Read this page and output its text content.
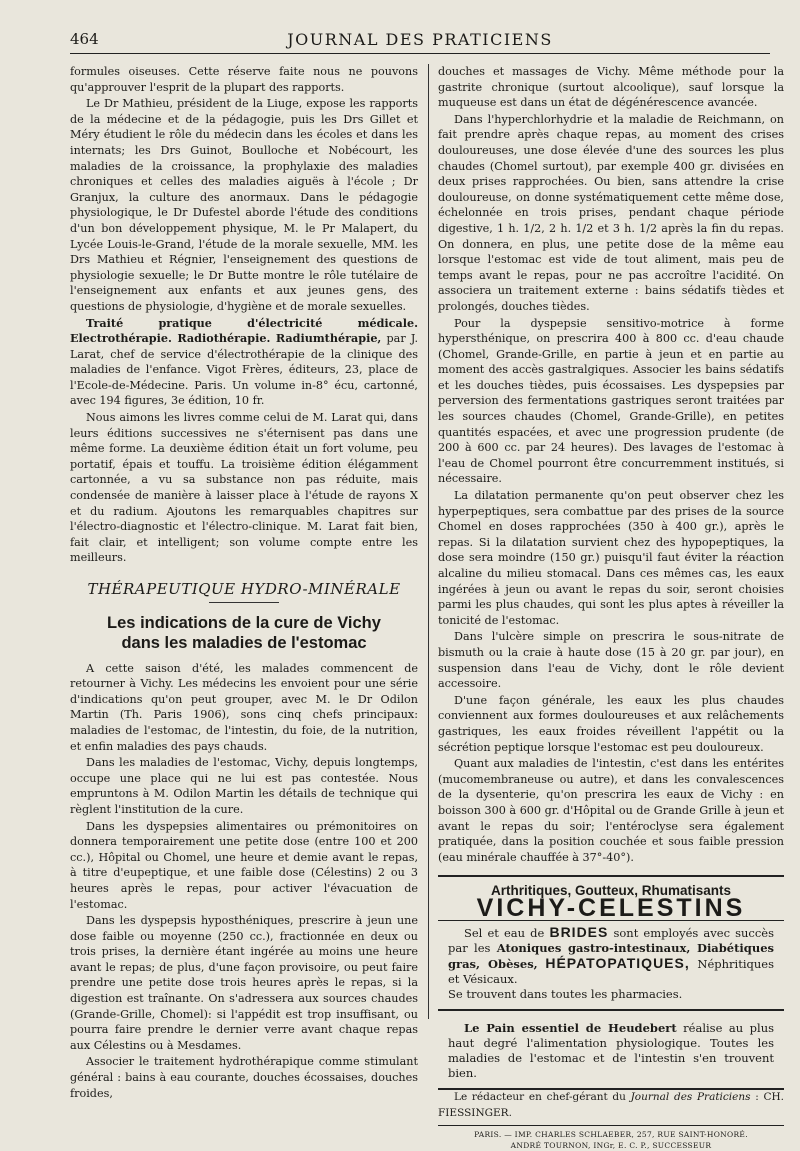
464	JOURNAL DES PRATICIENS

formules oiseuses. Cette réserve faite nous ne pouvons qu'approuver l'esprit de la plupart des rapports.

Le Dr Mathieu, président de la Liuge, expose les rapports de la médecine et de la pédagogie, puis les Drs Gillet et Méry étudient le rôle du médecin dans les écoles et dans les internats; les Drs Guinot, Boulloche et Nobécourt, les maladies de la croissance, la prophylaxie des maladies chroniques et celles des maladies aiguës à l'école ; Dr Granjux, la culture des anormaux. Dans le pédagogie physiologique, le Dr Dufestel aborde l'étude des conditions d'un bon développement physique, M. le Pr Malapert, du Lycée Louis-le-Grand, l'étude de la morale sexuelle, MM. les Drs Mathieu et Régnier, l'enseignement des questions de physiologie sexuelle; le Dr Butte montre le rôle tutélaire de l'enseignement aux enfants et aux jeunes gens, des questions de physiologie, d'hygiène et de morale sexuelles.

Traité pratique d'électricité médicale. Electrothérapie. Radiothérapie. Radiumthérapie, par J. Larat, chef de service d'électrothérapie de la clinique des maladies de l'enfance. Vigot Frères, éditeurs, 23, place de l'Ecole-de-Médecine. Paris. Un volume in-8° écu, cartonné, avec 194 figures, 3e édition, 10 fr.

Nous aimons les livres comme celui de M. Larat qui, dans leurs éditions successives ne s'éternisent pas dans une même forme. La deuxième édition était un fort volume, peu portatif, épais et touffu. La troisième édition élégamment cartonnée, a vu sa substance non pas réduite, mais condensée de manière à laisser place à l'étude de rayons X et du radium. Ajoutons les remarquables chapitres sur l'électro-diagnostic et l'électro-clinique. M. Larat fait bien, fait clair, et intelligent; son volume compte entre les meilleurs.

THÉRAPEUTIQUE HYDRO-MINÉRALE
Les indications de la cure de Vichy
dans les maladies de l'estomac

A cette saison d'été, les malades commencent de retourner à Vichy. Les médecins les envoient pour une série d'indications qu'on peut grouper, avec M. le Dr Odilon Martin (Th. Paris 1906), sons cinq chefs principaux: maladies de l'estomac, de l'intestin, du foie, de la nutrition, et enfin maladies des pays chauds.

Dans les maladies de l'estomac, Vichy, depuis longtemps, occupe une place qui ne lui est pas contestée. Nous empruntons à M. Odilon Martin les détails de technique qui règlent l'institution de la cure.

Dans les dyspepsies alimentaires ou prémonitoires on donnera temporairement une petite dose (entre 100 et 200 cc.), Hôpital ou Chomel, une heure et demie avant le repas, à titre d'eupeptique, et une faible dose (Célestins) 2 ou 3 heures après le repas, pour activer l'évacuation de l'estomac.

Dans les dyspepsis hyposthéniques, prescrire à jeun une dose faible ou moyenne (250 cc.), fractionnée en deux ou trois prises, la dernière étant ingérée au moins une heure avant le repas; de plus, d'une façon provisoire, ou peut faire prendre une petite dose trois heures après le repas, si la digestion est traînante. On s'adressera aux sources chaudes (Grande-Grille, Chomel): si l'appédit est trop insuffisant, ou pourra faire prendre le dernier verre avant chaque repas aux Célestins ou à Mesdames.

Associer le traitement hydrothérapique comme stimulant général : bains à eau courante, douches écossaises, douches froides,

douches et massages de Vichy. Même méthode pour la gastrite chronique (surtout alcoolique), sauf lorsque la muqueuse est dans un état de dégénérescence avancée.

Dans l'hyperchlorhydrie et la maladie de Reichmann, on fait prendre après chaque repas, au moment des crises douloureuses, une dose élevée d'une des sources les plus chaudes (Chomel surtout), par exemple 400 gr. divisées en deux prises rapprochées. Ou bien, sans attendre la crise douloureuse, on donne systématiquement cette même dose, échelonnée en trois prises, pendant chaque période digestive, 1 h. 1/2, 2 h. 1/2 et 3 h. 1/2 après la fin du repas. On donnera, en plus, une petite dose de la même eau lorsque l'estomac est vide de tout aliment, mais peu de temps avant le repas, pour ne pas accroître l'acidité. On associera un traitement externe : bains sédatifs tièdes et prolongés, douches tièdes.

Pour la dyspepsie sensitivo-motrice à forme hypersthénique, on prescrira 400 à 800 cc. d'eau chaude (Chomel, Grande-Grille, en partie à jeun et en partie au moment des accès gastralgiques. Associer les bains sédatifs et les douches tièdes, puis écossaises. Les dyspepsies par perversion des fermentations gastriques seront traitées par les sources chaudes (Chomel, Grande-Grille), en petites quantités espacées, et avec une progression prudente (de 200 à 600 cc. par 24 heures). Des lavages de l'estomac à l'eau de Chomel pourront être concurremment institués, si nécessaire.

La dilatation permanente qu'on peut observer chez les hyperpeptiques, sera combattue par des prises de la source Chomel en doses rapprochées (350 à 400 gr.), après le repas. Si la dilatation survient chez des hypopeptiques, la dose sera moindre (150 gr.) puisqu'il faut éviter la réaction alcaline du milieu stomacal. Dans ces mêmes cas, les eaux ingérées à jeun ou avant le repas du soir, seront choisies parmi les plus chaudes, qui sont les plus aptes à réveiller la tonicité de l'estomac.

Dans l'ulcère simple on prescrira le sous-nitrate de bismuth ou la craie à haute dose (15 à 20 gr. par jour), en suspension dans l'eau de Vichy, dont le rôle devient accessoire.

D'une façon générale, les eaux les plus chaudes conviennent aux formes douloureuses et aux relâchements gastriques, les eaux froides réveillent l'appétit ou la sécrétion peptique lorsque l'estomac est peu douloureux.

Quant aux maladies de l'intestin, c'est dans les entérites (mucomembraneuse ou autre), et dans les convalescences de la dysenterie, qu'on prescrira les eaux de Vichy : en boisson 300 à 600 gr. d'Hôpital ou de Grande Grille à jeun et avant le repas du soir; l'entéroclyse sera également pratiquée, dans la position couchée et sous faible pression (eau minérale chauffée à 37°-40°).

Arthritiques, Goutteux, Rhumatisants
VICHY-CELESTINS

Sel et eau de BRIDES sont employés avec succès par les Atoniques gastro-intestinaux, Diabétiques gras, Obèses, HÉPATOPATIQUES, Néphritiques et Vésicaux.
Se trouvent dans toutes les pharmacies.

Le Pain essentiel de Heudebert réalise au plus haut degré l'alimentation physiologique. Toutes les maladies de l'estomac et de l'intestin s'en trouvent bien.

Le rédacteur en chef-gérant du Journal des Praticiens : CH. FIESSINGER.

PARIS. — IMP. CHARLES SCHLAEBER, 257, RUE SAINT-HONORÉ.
ANDRÉ TOURNON, INGr, E. C. P., SUCCESSEUR
